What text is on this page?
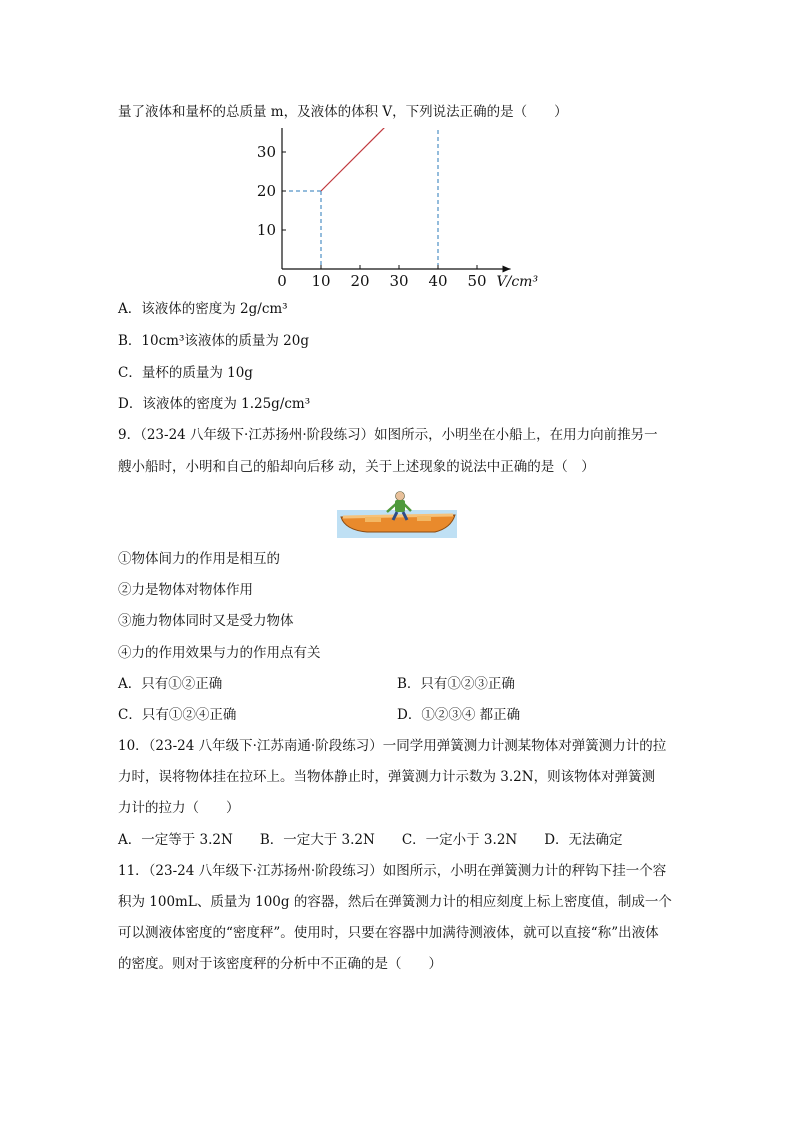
量了液体和量杯的总质量 m，及液体的体积 V，下列说法正确的是（　　）
0 10 20 30 40 50
10
20
30
V/cm³
A．该液体的密度为 2g/cm³
B．10cm³该液体的质量为 20g
C．量杯的质量为 10g
D．该液体的密度为 1.25g/cm³
9．（23-24 八年级下·江苏扬州·阶段练习）如图所示，小明坐在小船上，在用力向前推另一
艘小船时，小明和自己的船却向后移 动，关于上述现象的说法中正确的是（　）
①物体间力的作用是相互的
②力是物体对物体作用
③施力物体同时又是受力物体
④力的作用效果与力的作用点有关
A．只有①②正确	B．只有①②③正确
C．只有①②④正确	D．①②③④ 都正确
10．（23-24 八年级下·江苏南通·阶段练习）一同学用弹簧测力计测某物体对弹簧测力计的拉
力时，误将物体挂在拉环上。当物体静止时，弹簧测力计示数为 3.2N，则该物体对弹簧测
力计的拉力（　　）
A．一定等于 3.2N　　B．一定大于 3.2N　　C．一定小于 3.2N　　D．无法确定
11．（23-24 八年级下·江苏扬州·阶段练习）如图所示，小明在弹簧测力计的秤钩下挂一个容
积为 100mL、质量为 100g 的容器，然后在弹簧测力计的相应刻度上标上密度值，制成一个
可以测液体密度的“密度秤”。使用时，只要在容器中加满待测液体，就可以直接“称”出液体
的密度。则对于该密度秤的分析中不正确的是（　　）
